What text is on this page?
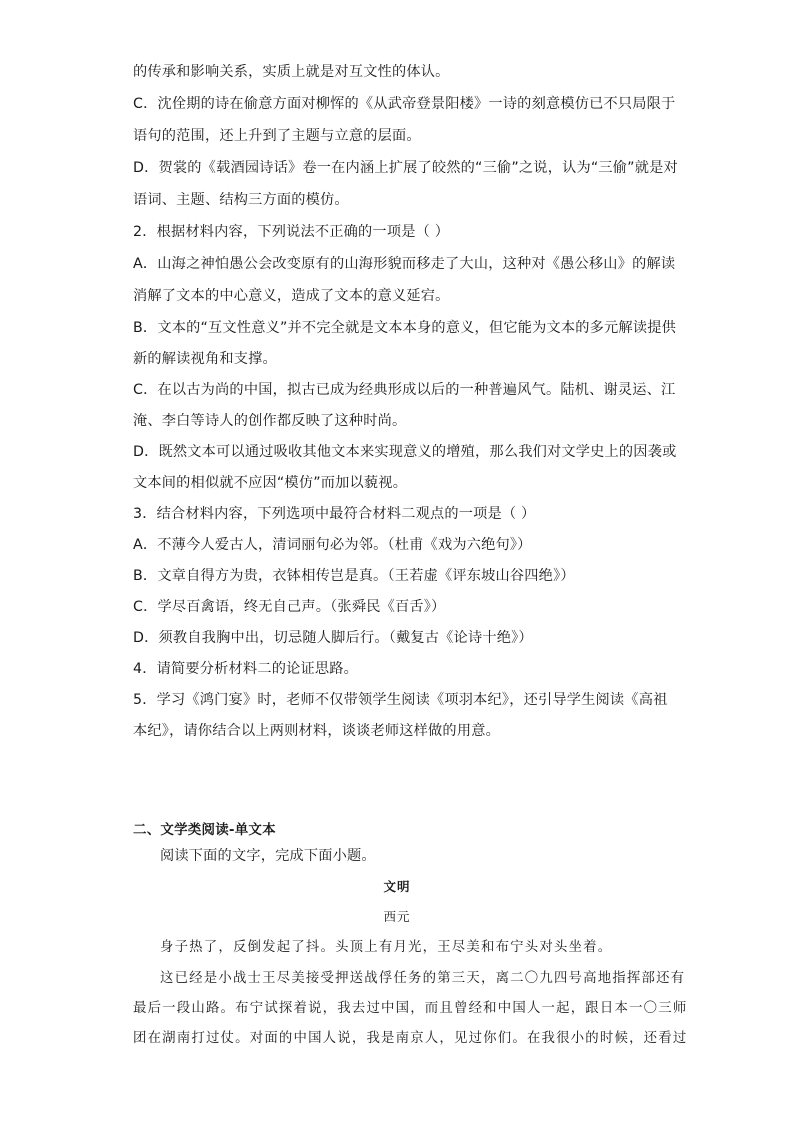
的传承和影响关系，实质上就是对互文性的体认。
C．沈佺期的诗在偷意方面对柳恽的《从武帝登景阳楼》一诗的刻意模仿已不只局限于
语句的范围，还上升到了主题与立意的层面。
D．贺裳的《载酒园诗话》卷一在内涵上扩展了皎然的“三偷”之说，认为“三偷”就是对
语词、主题、结构三方面的模仿。
2．根据材料内容，下列说法不正确的一项是（ ）
A．山海之神怕愚公会改变原有的山海形貌而移走了大山，这种对《愚公移山》的解读
消解了文本的中心意义，造成了文本的意义延宕。
B．文本的“互文性意义”并不完全就是文本本身的意义，但它能为文本的多元解读提供
新的解读视角和支撑。
C．在以古为尚的中国，拟古已成为经典形成以后的一种普遍风气。陆机、谢灵运、江
淹、李白等诗人的创作都反映了这种时尚。
D．既然文本可以通过吸收其他文本来实现意义的增殖，那么我们对文学史上的因袭或
文本间的相似就不应因“模仿”而加以藐视。
3．结合材料内容，下列选项中最符合材料二观点的一项是（ ）
A．不薄今人爱古人，清词丽句必为邻。（杜甫《戏为六绝句》）
B．文章自得方为贵，衣钵相传岂是真。（王若虚《评东坡山谷四绝》）
C．学尽百禽语，终无自己声。（张舜民《百舌》）
D．须教自我胸中出，切忌随人脚后行。（戴复古《论诗十绝》）
4．请简要分析材料二的论证思路。
5．学习《鸿门宴》时，老师不仅带领学生阅读《项羽本纪》，还引导学生阅读《高祖
本纪》，请你结合以上两则材料，谈谈老师这样做的用意。
二、文学类阅读-单文本
阅读下面的文字，完成下面小题。
文明
西元
身子热了，反倒发起了抖。头顶上有月光，王尽美和布宁头对头坐着。
这已经是小战士王尽美接受押送战俘任务的第三天，离二〇九四号高地指挥部还有
最后一段山路。布宁试探着说，我去过中国，而且曾经和中国人一起，跟日本一〇三师
团在湖南打过仗。对面的中国人说，我是南京人，见过你们。在我很小的时候，还看过
